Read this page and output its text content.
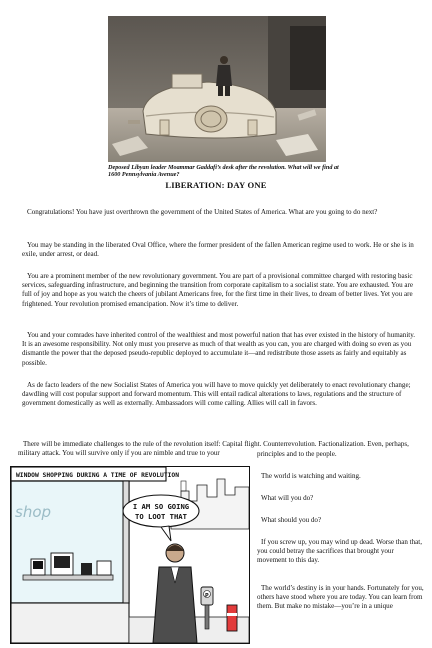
Deposed Libyan leader Moammar Gaddafi’s desk after the revolution. What will we find at 1600 Pennsylvania Avenue?
LIBERATION: DAY ONE

Congratulations! You have just overthrown the government of the United States of America. What are you going to do next?

You may be standing in the liberated Oval Office, where the former president of the fallen American regime used to work. He or she is in exile, under arrest, or dead.

You are a prominent member of the new revolutionary government. You are part of a provisional committee charged with restoring basic services, safeguarding infrastructure, and beginning the transition from corporate capitalism to a socialist state. You are exhausted. You are full of joy and hope as you watch the cheers of jubilant Americans free, for the first time in their lives, to dream of better lives. Yet you are frightened. Your revolution promised emancipation. Now it’s time to deliver.

You and your comrades have inherited control of the wealthiest and most powerful nation that has ever existed in the history of humanity. It is an awesome responsibility. Not only must you preserve as much of that wealth as you can, you are charged with doing so even as you dismantle the power that the deposed pseudo-republic deployed to accumulate it—and redistribute those assets as fairly and equitably as possible.

As de facto leaders of the new Socialist States of America you will have to move quickly yet deliberately to enact revolutionary change; dawdling will cost popular support and forward momentum. This will entail radical alterations to laws, regulations and the structure of government domestically as well as externally. Ambassadors will come calling. Allies will call in favors.

There will be immediate challenges to the rule of the revolution itself: Capital flight. Counterrevolution. Factionalization. Even, perhaps, military attack. You will survive only if you are nimble and true to your

WINDOW SHOPPING DURING A TIME OF REVOLUTION
shop	I AM SO GOING
TO LOOT THAT
P

principles and to the people.

The world is watching and waiting.

What will you do?

What should you do?

If you screw up, you may wind up dead. Worse than that, you could betray the sacrifices that brought your movement to this day.

The world’s destiny is in your hands. Fortunately for you, others have stood where you are today. You can learn from them. But make no mistake—you’re in a unique
